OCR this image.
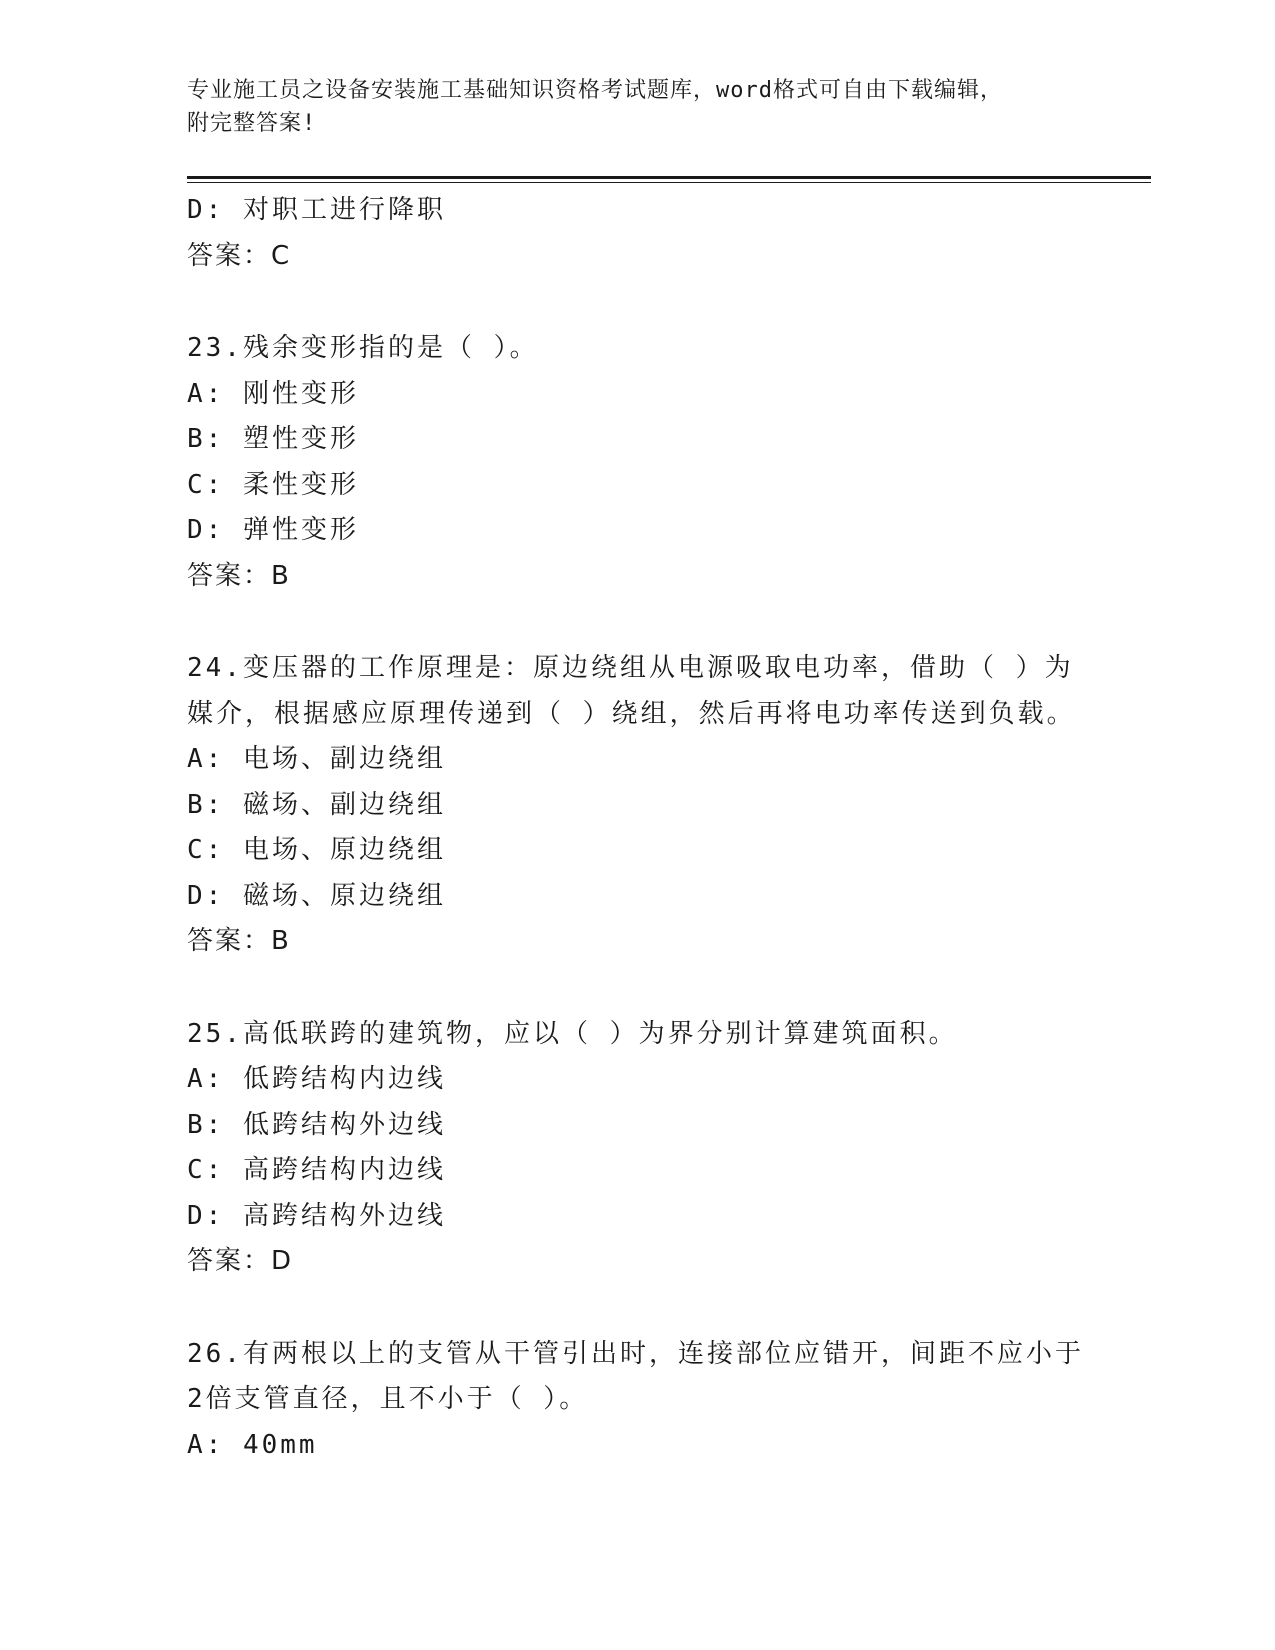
专业施工员之设备安装施工基础知识资格考试题库，word格式可自由下载编辑，
附完整答案!
D: 对职工进行降职
答案：C
23.残余变形指的是（ ）。
A: 刚性变形
B: 塑性变形
C: 柔性变形
D: 弹性变形
答案：B
24.变压器的工作原理是：原边绕组从电源吸取电功率，借助（ ）为
媒介，根据感应原理传递到（ ）绕组，然后再将电功率传送到负载。
A: 电场、副边绕组
B: 磁场、副边绕组
C: 电场、原边绕组
D: 磁场、原边绕组
答案：B
25.高低联跨的建筑物，应以（ ）为界分别计算建筑面积。
A: 低跨结构内边线
B: 低跨结构外边线
C: 高跨结构内边线
D: 高跨结构外边线
答案：D
26.有两根以上的支管从干管引出时，连接部位应错开，间距不应小于
2倍支管直径，且不小于（ ）。
A: 40mm
